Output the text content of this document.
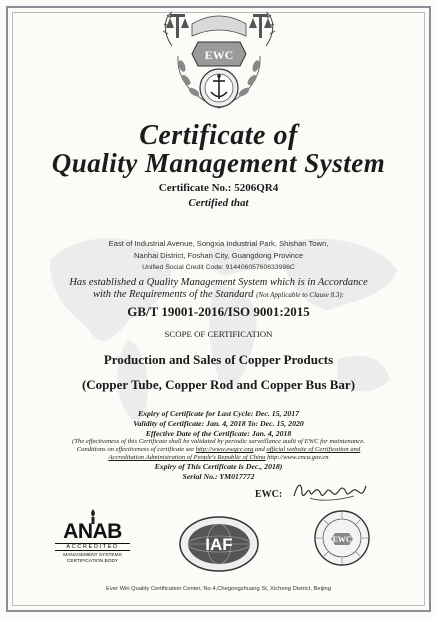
EWC
Certificate of
Quality Management System
Certificate No.: 5206QR4
Certified that
East of Industrial Avenue, Songxia Industrial Park, Shishan Town,
Nanhai District, Foshan City, Guangdong Province
Unified Social Credit Code: 91440605760633986C
Has established a Quality Management System which is in Accordance
with the Requirements of the Standard (Not Applicable to Clause 8.3):
GB/T 19001-2016/ISO 9001:2015
SCOPE OF CERTIFICATION
Production and Sales of Copper Products
(Copper Tube, Copper Rod and Copper Bus Bar)
Expiry of Certificate for Last Cycle: Dec. 15, 2017
Validity of Certificate: Jan. 4, 2018 To: Dec. 15, 2020
Effective Date of the Certificate: Jan. 4, 2018
(The effectiveness of this Certificate shall be validated by periodic surveillance audit of EWC for maintenance.
Conditions on effectiveness of certificate see http://www.ewqcc.org and official website of Certification and
Accreditation Administration of People's Republic of China http://www.cnca.gov.cn
Expiry of This Certificate is Dec., 2018)
Serial No.: YM017772
EWC:
ANAB
ACCREDITED
MANAGEMENT SYSTEMS
CERTIFICATION BODY
IAF	EWC
Ever Win Quality Certification Center, No.4,Chegongzhuang St, Xicheng District, Beijing
